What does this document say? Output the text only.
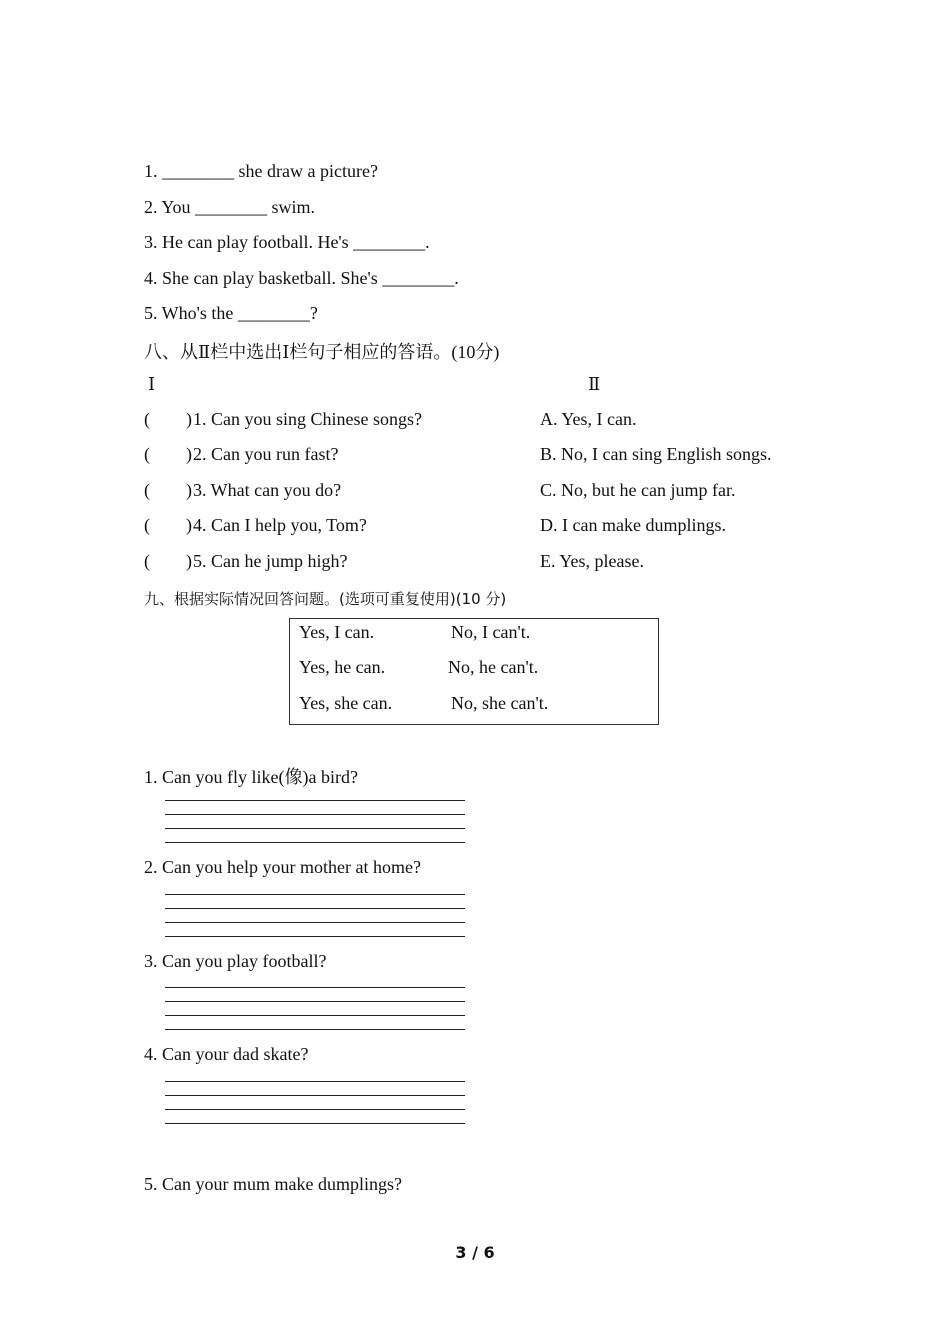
1. ________ she draw a picture?
2. You ________ swim.
3. He can play football. He's ________.
4. She can play basketball. She's ________.
5. Who's the ________?
八、从Ⅱ栏中选出Ⅰ栏句子相应的答语。(10分)
Ⅰ	Ⅱ
( ) 1. Can you sing Chinese songs?	A. Yes, I can.
( ) 2. Can you run fast?	B. No, I can sing English songs.
( ) 3. What can you do?	C. No, but he can jump far.
( ) 4. Can I help you, Tom?	D. I can make dumplings.
( ) 5. Can he jump high?	E. Yes, please.
九、根据实际情况回答问题。(选项可重复使用)(10 分)
Yes, I can.	No, I can't.
Yes, he can.	No, he can't.
Yes, she can.	No, she can't.
1. Can you fly like(像)a bird?
2. Can you help your mother at home?
3. Can you play football?
4. Can your dad skate?
5. Can your mum make dumplings?
3 / 6
